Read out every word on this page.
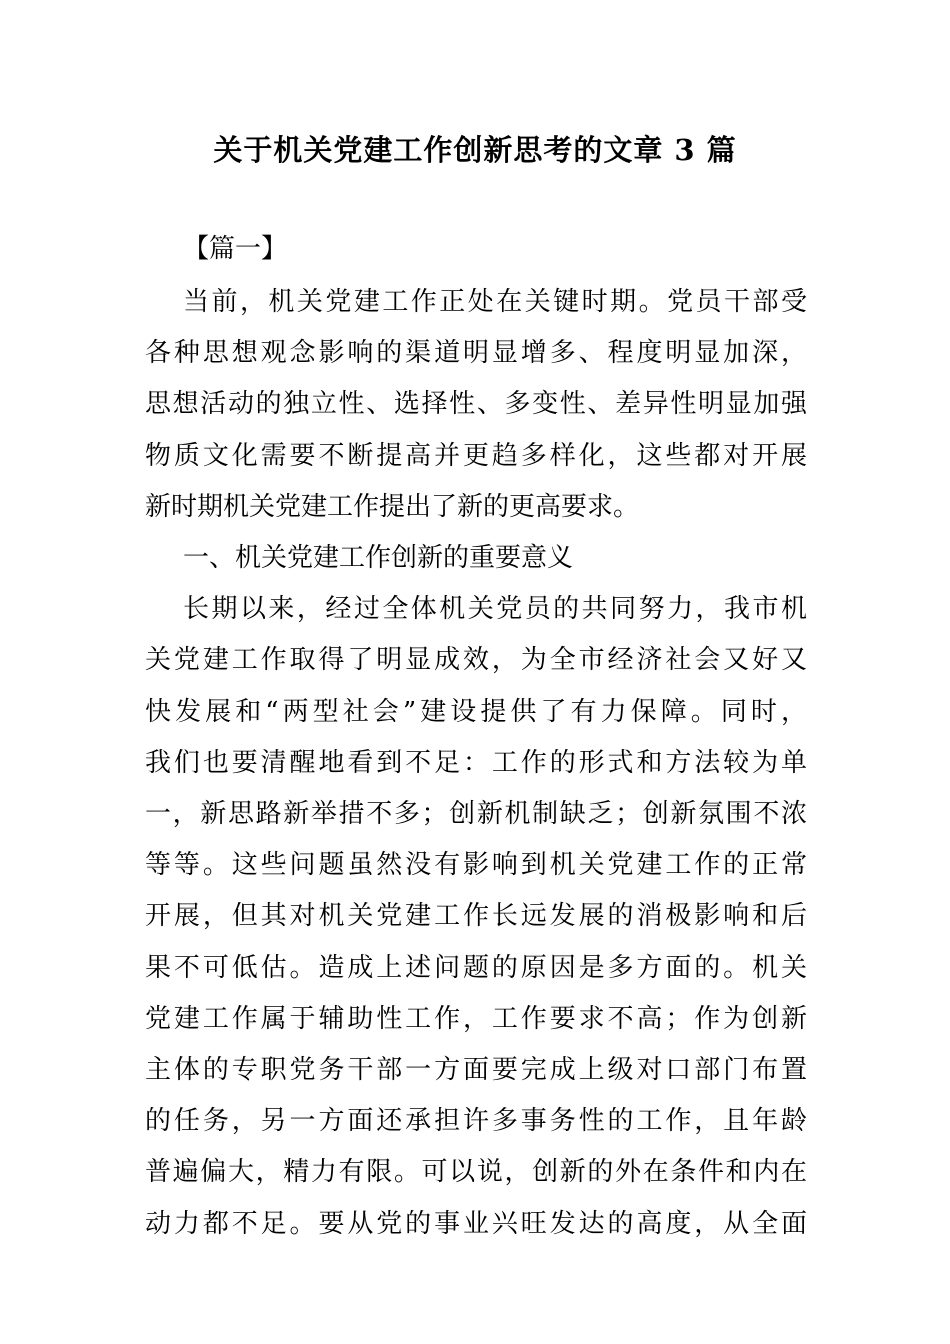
关于机关党建工作创新思考的文章 3 篇
【篇一】
当前，机关党建工作正处在关键时期。党员干部受
各种思想观念影响的渠道明显增多、程度明显加深，
思想活动的独立性、选择性、多变性、差异性明显加强
物质文化需要不断提高并更趋多样化，这些都对开展
新时期机关党建工作提出了新的更高要求。
一、机关党建工作创新的重要意义
长期以来，经过全体机关党员的共同努力，我市机
关党建工作取得了明显成效，为全市经济社会又好又
快发展和“两型社会”建设提供了有力保障。同时，
我们也要清醒地看到不足：工作的形式和方法较为单
一，新思路新举措不多；创新机制缺乏；创新氛围不浓
等等。这些问题虽然没有影响到机关党建工作的正常
开展，但其对机关党建工作长远发展的消极影响和后
果不可低估。造成上述问题的原因是多方面的。机关
党建工作属于辅助性工作，工作要求不高；作为创新
主体的专职党务干部一方面要完成上级对口部门布置
的任务，另一方面还承担许多事务性的工作，且年龄
普遍偏大，精力有限。可以说，创新的外在条件和内在
动力都不足。要从党的事业兴旺发达的高度，从全面
